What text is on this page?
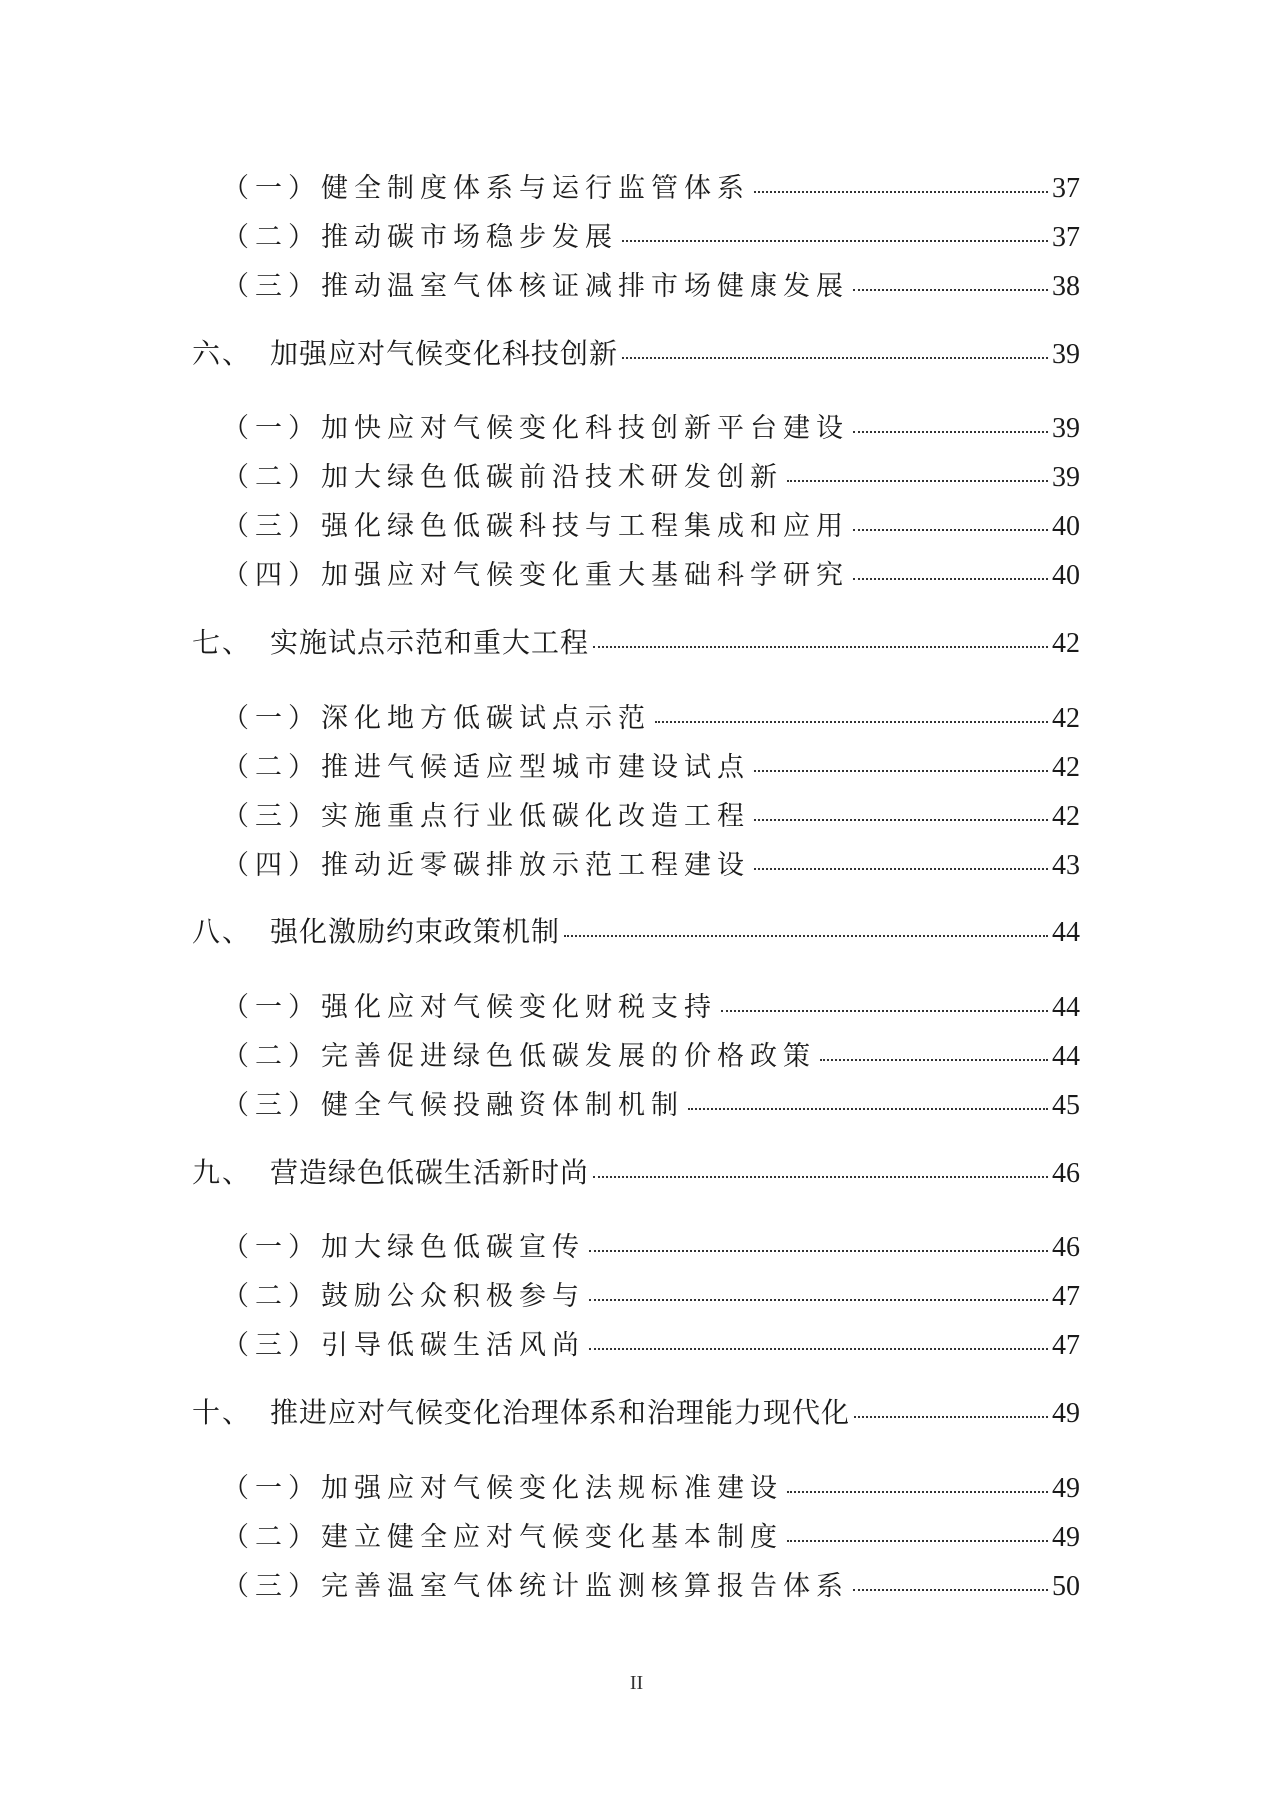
（一）健全制度体系与运行监管体系	37
（二）推动碳市场稳步发展	37
（三）推动温室气体核证减排市场健康发展	38
六、 加强应对气候变化科技创新	39
（一）加快应对气候变化科技创新平台建设	39
（二）加大绿色低碳前沿技术研发创新	39
（三）强化绿色低碳科技与工程集成和应用	40
（四）加强应对气候变化重大基础科学研究	40
七、 实施试点示范和重大工程	42
（一）深化地方低碳试点示范	42
（二）推进气候适应型城市建设试点	42
（三）实施重点行业低碳化改造工程	42
（四）推动近零碳排放示范工程建设	43
八、 强化激励约束政策机制	44
（一）强化应对气候变化财税支持	44
（二）完善促进绿色低碳发展的价格政策	44
（三）健全气候投融资体制机制	45
九、 营造绿色低碳生活新时尚	46
（一）加大绿色低碳宣传	46
（二）鼓励公众积极参与	47
（三）引导低碳生活风尚	47
十、 推进应对气候变化治理体系和治理能力现代化	49
（一）加强应对气候变化法规标准建设	49
（二）建立健全应对气候变化基本制度	49
（三）完善温室气体统计监测核算报告体系	50
II
